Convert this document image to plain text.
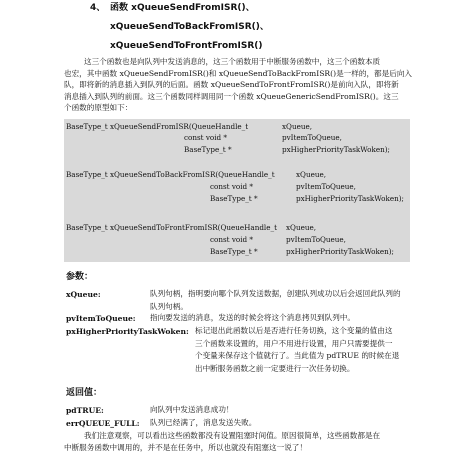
4、 函数 xQueueSendFromISR()、
xQueueSendToBackFromISR()、
xQueueSendToFrontFromISR()
这三个函数也是向队列中发送消息的，这三个函数用于中断服务函数中，这三个函数本质
也宏，其中函数 xQueueSendFromISR()和 xQueueSendToBackFromISR()是一样的，都是后向入
队，即将新的消息插入到队列的后面。函数 xQueueSendToFrontFromISR()是前向入队，即将新
消息插入到队列的前面。这三个函数同样调用同一个函数 xQueueGenericSendFromISR()。这三
个函数的原型如下：
BaseType_t xQueueSendFromISR(QueueHandle_t	xQueue,
const void *	pvItemToQueue,
BaseType_t *	pxHigherPriorityTaskWoken);
BaseType_t xQueueSendToBackFromISR(QueueHandle_t	xQueue,
const void *	pvItemToQueue,
BaseType_t *	pxHigherPriorityTaskWoken);
BaseType_t xQueueSendToFrontFromISR(QueueHandle_t xQueue,
const void *	pvItemToQueue,
BaseType_t *	pxHigherPriorityTaskWoken);
参数：
xQueue:	队列句柄，指明要向哪个队列发送数据，创建队列成功以后会返回此队列的
队列句柄。
pvItemToQueue: 指向要发送的消息，发送的时候会将这个消息拷贝到队列中。
pxHigherPriorityTaskWoken: 标记退出此函数以后是否进行任务切换，这个变量的值由这
三个函数来设置的，用户不用进行设置，用户只需要提供一
个变量来保存这个值就行了。当此值为 pdTRUE 的时候在退
出中断服务函数之前一定要进行一次任务切换。
返回值：
pdTRUE:	向队列中发送消息成功！
errQUEUE_FULL: 队列已经满了，消息发送失败。
我们注意观察，可以看出这些函数都没有设置阻塞时间值。原因很简单，这些函数都是在
中断服务函数中调用的，并不是在任务中，所以也就没有阻塞这一说了！
